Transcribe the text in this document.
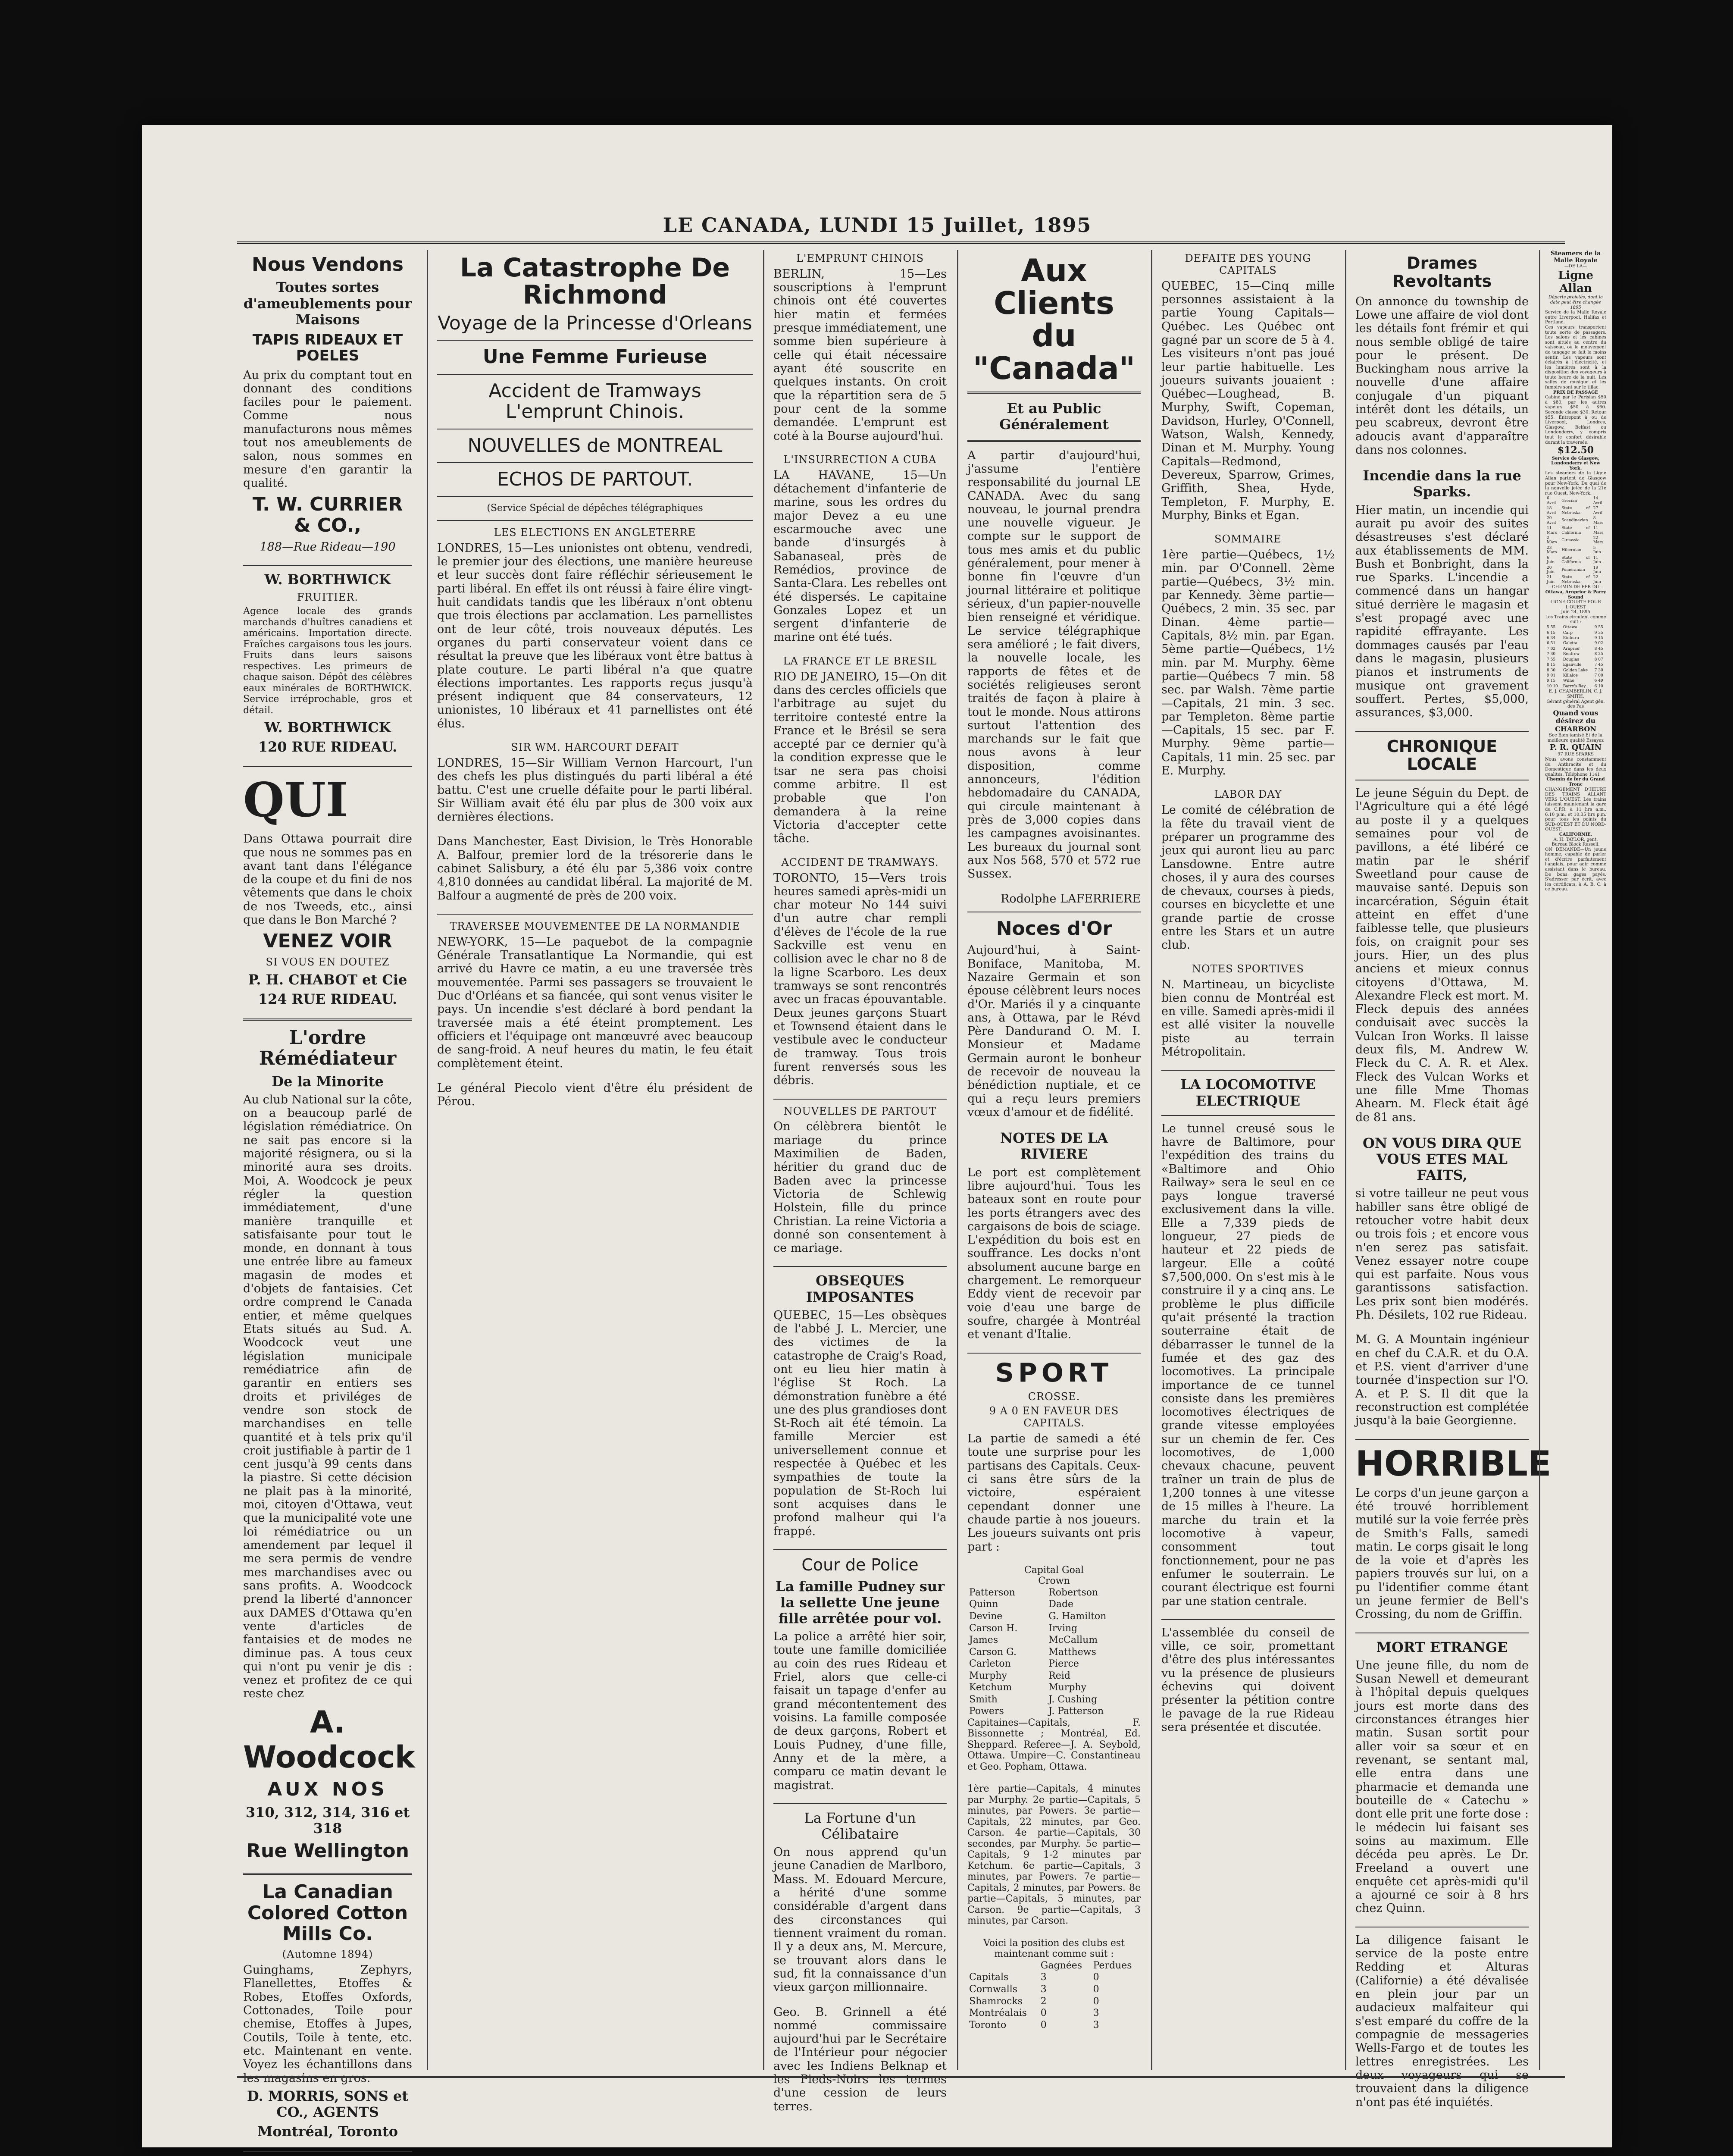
LE CANADA, LUNDI 15 Juillet, 1895
Nous Vendons
Toutes sortes d'ameublements pour Maisons
TAPIS RIDEAUX ET POELES
Au prix du comptant tout en donnant des conditions faciles pour le paiement. Comme nous manufacturons nous mêmes tout nos ameublements de salon, nous sommes en mesure d'en garantir la qualité.
T. W. CURRIER & CO.,
188—Rue Rideau—190
W. BORTHWICK
FRUITIER.
Agence locale des grands marchands d'huîtres canadiens et américains. Importation directe. Fraîches cargaisons tous les jours. Fruits dans leurs saisons respectives. Les primeurs de chaque saison. Dépôt des célèbres eaux minérales de BORTHWICK. Service irréprochable, gros et détail.
W. BORTHWICK
120 RUE RIDEAU.
QUI
Dans Ottawa pourrait dire que nous ne sommes pas en avant tant dans l'élégance de la coupe et du fini de nos vêtements que dans le choix de nos Tweeds, etc., ainsi que dans le Bon Marché ?
VENEZ VOIR
SI VOUS EN DOUTEZ
P. H. CHABOT et Cie
124 RUE RIDEAU.
L'ordre Rémédiateur
De la Minorite
Au club National sur la côte, on a beaucoup parlé de législation rémédiatrice. On ne sait pas encore si la majorité résignera, ou si la minorité aura ses droits. Moi, A. Woodcock je peux régler la question immédiatement, d'une manière tranquille et satisfaisante pour tout le monde, en donnant à tous une entrée libre au fameux magasin de modes et d'objets de fantaisies. Cet ordre comprend le Canada entier, et même quelques Etats situés au Sud. A. Woodcock veut une législation municipale remédiatrice afin de garantir en entiers ses droits et priviléges de vendre son stock de marchandises en telle quantité et à tels prix qu'il croit justifiable à partir de 1 cent jusqu'à 99 cents dans la piastre. Si cette décision ne plait pas à la minorité, moi, citoyen d'Ottawa, veut que la municipalité vote une loi rémédiatrice ou un amendement par lequel il me sera permis de vendre mes marchandises avec ou sans profits. A. Woodcock prend la liberté d'annoncer aux DAMES d'Ottawa qu'en vente d'articles de fantaisies et de modes ne diminue pas. A tous ceux qui n'ont pu venir je dis : venez et profitez de ce qui reste chez
A. Woodcock
AUX NOS
310, 312, 314, 316 et 318
Rue Wellington
La Canadian Colored Cotton Mills Co.
(Automne 1894)
Guinghams, Zephyrs, Flanellettes, Etoffes & Robes, Etoffes Oxfords, Cottonades, Toile pour chemise, Etoffes à Jupes, Coutils, Toile à tente, etc. etc. Maintenant en vente. Voyez les échantillons dans les magasins en gros.
D. MORRIS, SONS et CO., AGENTS
Montréal, Toronto
La Catastrophe De Richmond
Voyage de la Princesse d'Orleans
Une Femme Furieuse
Accident de Tramways L'emprunt Chinois.
NOUVELLES de MONTREAL
ECHOS DE PARTOUT.
(Service Spécial de dépêches télégraphiques
LES ELECTIONS EN ANGLETERRE
LONDRES, 15—Les unionistes ont obtenu, vendredi, le premier jour des élections, une manière heureuse et leur succès dont faire réfléchir sérieusement le parti libéral. En effet ils ont réussi à faire élire vingt-huit candidats tandis que les libéraux n'ont obtenu que trois élections par acclamation. Les parnellistes ont de leur côté, trois nouveaux députés. Les organes du parti conservateur voient dans ce résultat la preuve que les libéraux vont être battus à plate couture. Le parti libéral n'a que quatre élections importantes. Les rapports reçus jusqu'à présent indiquent que 84 conservateurs, 12 unionistes, 10 libéraux et 41 parnellistes ont été élus.
SIR WM. HARCOURT DEFAIT
LONDRES, 15—Sir William Vernon Harcourt, l'un des chefs les plus distingués du parti libéral a été battu. C'est une cruelle défaite pour le parti libéral. Sir William avait été élu par plus de 300 voix aux dernières élections.
Dans Manchester, East Division, le Très Honorable A. Balfour, premier lord de la trésorerie dans le cabinet Salisbury, a été élu par 5,386 voix contre 4,810 données au candidat libéral. La majorité de M. Balfour a augmenté de près de 200 voix.
TRAVERSEE MOUVEMENTEE DE LA NORMANDIE
NEW-YORK, 15—Le paquebot de la compagnie Générale Transatlantique La Normandie, qui est arrivé du Havre ce matin, a eu une traversée très mouvementée. Parmi ses passagers se trouvaient le Duc d'Orléans et sa fiancée, qui sont venus visiter le pays. Un incendie s'est déclaré à bord pendant la traversée mais a été éteint promptement. Les officiers et l'équipage ont manœuvré avec beaucoup de sang-froid. A neuf heures du matin, le feu était complètement éteint.
Le général Piecolo vient d'être élu président de Pérou.
L'EMPRUNT CHINOIS
BERLIN, 15—Les souscriptions à l'emprunt chinois ont été couvertes hier matin et fermées presque immédiatement, une somme bien supérieure à celle qui était nécessaire ayant été souscrite en quelques instants. On croit que la répartition sera de 5 pour cent de la somme demandée. L'emprunt est coté à la Bourse aujourd'hui.
L'INSURRECTION A CUBA
LA HAVANE, 15—Un détachement d'infanterie de marine, sous les ordres du major Devez a eu une escarmouche avec une bande d'insurgés à Sabanaseal, près de Remédios, province de Santa-Clara. Les rebelles ont été dispersés. Le capitaine Gonzales Lopez et un sergent d'infanterie de marine ont été tués.
LA FRANCE ET LE BRESIL
RIO DE JANEIRO, 15—On dit dans des cercles officiels que l'arbitrage au sujet du territoire contesté entre la France et le Brésil se sera accepté par ce dernier qu'à la condition expresse que le tsar ne sera pas choisi comme arbitre. Il est probable que l'on demandera à la reine Victoria d'accepter cette tâche.
ACCIDENT DE TRAMWAYS.
TORONTO, 15—Vers trois heures samedi après-midi un char moteur No 144 suivi d'un autre char rempli d'élèves de l'école de la rue Sackville est venu en collision avec le char no 8 de la ligne Scarboro. Les deux tramways se sont rencontrés avec un fracas épouvantable. Deux jeunes garçons Stuart et Townsend étaient dans le vestibule avec le conducteur de tramway. Tous trois furent renversés sous les débris.
NOUVELLES DE PARTOUT
On célèbrera bientôt le mariage du prince Maximilien de Baden, héritier du grand duc de Baden avec la princesse Victoria de Schlewig Holstein, fille du prince Christian. La reine Victoria a donné son consentement à ce mariage.
OBSEQUES IMPOSANTES
QUEBEC, 15—Les obsèques de l'abbé J. L. Mercier, une des victimes de la catastrophe de Craig's Road, ont eu lieu hier matin à l'église St Roch. La démonstration funèbre a été une des plus grandioses dont St-Roch ait été témoin. La famille Mercier est universellement connue et respectée à Québec et les sympathies de toute la population de St-Roch lui sont acquises dans le profond malheur qui l'a frappé.
Cour de Police
La famille Pudney sur la sellette Une jeune fille arrêtée pour vol.
La police a arrêté hier soir, toute une famille domiciliée au coin des rues Rideau et Friel, alors que celle-ci faisait un tapage d'enfer au grand mécontentement des voisins. La famille composée de deux garçons, Robert et Louis Pudney, d'une fille, Anny et de la mère, a comparu ce matin devant le magistrat.
La Fortune d'un Célibataire
On nous apprend qu'un jeune Canadien de Marlboro, Mass. M. Edouard Mercure, a hérité d'une somme considérable d'argent dans des circonstances qui tiennent vraiment du roman. Il y a deux ans, M. Mercure, se trouvant alors dans le sud, fit la connaissance d'un vieux garçon millionnaire.
Geo. B. Grinnell a été nommé commissaire aujourd'hui par le Secrétaire de l'Intérieur pour négocier avec les Indiens Belknap et les Pieds-Noirs les termes d'une cession de leurs terres.
Aux Clients du "Canada"
Et au Public Généralement
A partir d'aujourd'hui, j'assume l'entière responsabilité du journal LE CANADA. Avec du sang nouveau, le journal prendra une nouvelle vigueur. Je compte sur le support de tous mes amis et du public généralement, pour mener à bonne fin l'œuvre d'un journal littéraire et politique sérieux, d'un papier-nouvelle bien renseigné et véridique. Le service télégraphique sera amélioré ; le fait divers, la nouvelle locale, les rapports de fêtes et de sociétés religieuses seront traités de façon à plaire à tout le monde. Nous attirons surtout l'attention des marchands sur le fait que nous avons à leur disposition, comme annonceurs, l'édition hebdomadaire du CANADA, qui circule maintenant à près de 3,000 copies dans les campagnes avoisinantes. Les bureaux du journal sont aux Nos 568, 570 et 572 rue Sussex.
Rodolphe LAFERRIERE
Noces d'Or
Aujourd'hui, à Saint-Boniface, Manitoba, M. Nazaire Germain et son épouse célèbrent leurs noces d'Or. Mariés il y a cinquante ans, à Ottawa, par le Révd Père Dandurand O. M. I. Monsieur et Madame Germain auront le bonheur de recevoir de nouveau la bénédiction nuptiale, et ce qui a reçu leurs premiers vœux d'amour et de fidélité.
NOTES DE LA RIVIERE
Le port est complètement libre aujourd'hui. Tous les bateaux sont en route pour les ports étrangers avec des cargaisons de bois de sciage. L'expédition du bois est en souffrance. Les docks n'ont absolument aucune barge en chargement. Le remorqueur Eddy vient de recevoir par voie d'eau une barge de soufre, chargée à Montréal et venant d'Italie.
SPORT
CROSSE.
9 A 0 EN FAVEUR DES CAPITALS.
La partie de samedi a été toute une surprise pour les partisans des Capitals. Ceux-ci sans être sûrs de la victoire, espéraient cependant donner une chaude partie à nos joueurs. Les joueurs suivants ont pris part :
Capital Goal
Crown
Patterson	Robertson
Quinn	Dade
Devine	G. Hamilton
Carson H.	Irving
James	McCallum
Carson G.	Matthews
Carleton	Pierce
Murphy	Reid
Ketchum	Murphy
Smith	J. Cushing
Powers	J. Patterson
Capitaines—Capitals, F. Bissonnette ; Montréal, Ed. Sheppard. Referee—J. A. Seybold, Ottawa. Umpire—C. Constantineau et Geo. Popham, Ottawa.
1ère partie—Capitals, 4 minutes par Murphy. 2e partie—Capitals, 5 minutes, par Powers. 3e partie—Capitals, 22 minutes, par Geo. Carson. 4e partie—Capitals, 30 secondes, par Murphy. 5e partie—Capitals, 9 1-2 minutes par Ketchum. 6e partie—Capitals, 3 minutes, par Powers. 7e partie—Capitals, 2 minutes, par Powers. 8e partie—Capitals, 5 minutes, par Carson. 9e partie—Capitals, 3 minutes, par Carson.
Voici la position des clubs est maintenant comme suit :
	Gagnées	Perdues
Capitals	3	0
Cornwalls	3	0
Shamrocks	2	0
Montréalais	0	3
Toronto	0	3
DEFAITE DES YOUNG CAPITALS
QUEBEC, 15—Cinq mille personnes assistaient à la partie Young Capitals—Québec. Les Québec ont gagné par un score de 5 à 4. Les visiteurs n'ont pas joué leur partie habituelle. Les joueurs suivants jouaient : Québec—Loughead, B. Murphy, Swift, Copeman, Davidson, Hurley, O'Connell, Watson, Walsh, Kennedy, Dinan et M. Murphy. Young Capitals—Redmond, Devereux, Sparrow, Grimes, Griffith, Shea, Hyde, Templeton, F. Murphy, E. Murphy, Binks et Egan.
SOMMAIRE
1ère partie—Québecs, 1½ min. par O'Connell. 2ème partie—Québecs, 3½ min. par Kennedy. 3ème partie—Québecs, 2 min. 35 sec. par Dinan. 4ème partie—Capitals, 8½ min. par Egan. 5ème partie—Québecs, 1½ min. par M. Murphy. 6ème partie—Québecs 7 min. 58 sec. par Walsh. 7ème partie—Capitals, 21 min. 3 sec. par Templeton. 8ème partie—Capitals, 15 sec. par F. Murphy. 9ème partie—Capitals, 11 min. 25 sec. par E. Murphy.
LABOR DAY
Le comité de célébration de la fête du travail vient de préparer un programme des jeux qui auront lieu au parc Lansdowne. Entre autre choses, il y aura des courses de chevaux, courses à pieds, courses en bicyclette et une grande partie de crosse entre les Stars et un autre club.
NOTES SPORTIVES
N. Martineau, un bicycliste bien connu de Montréal est en ville. Samedi après-midi il est allé visiter la nouvelle piste au terrain Métropolitain.
LA LOCOMOTIVE ELECTRIQUE
Le tunnel creusé sous le havre de Baltimore, pour l'expédition des trains du «Baltimore and Ohio Railway» sera le seul en ce pays longue traversé exclusivement dans la ville. Elle a 7,339 pieds de longueur, 27 pieds de hauteur et 22 pieds de largeur. Elle a coûté $7,500,000. On s'est mis à le construire il y a cinq ans. Le problème le plus difficile qu'ait présenté la traction souterraine était de débarrasser le tunnel de la fumée et des gaz des locomotives. La principale importance de ce tunnel consiste dans les premières locomotives électriques de grande vitesse employées sur un chemin de fer. Ces locomotives, de 1,000 chevaux chacune, peuvent traîner un train de plus de 1,200 tonnes à une vitesse de 15 milles à l'heure. La marche du train et la locomotive à vapeur, consomment tout fonctionnement, pour ne pas enfumer le souterrain. Le courant électrique est fourni par une station centrale.
L'assemblée du conseil de ville, ce soir, promettant d'être des plus intéressantes vu la présence de plusieurs échevins qui doivent présenter la pétition contre le pavage de la rue Rideau sera présentée et discutée.
Drames Revoltants
On annonce du township de Lowe une affaire de viol dont les détails font frémir et qui nous semble obligé de taire pour le présent. De Buckingham nous arrive la nouvelle d'une affaire conjugale d'un piquant intérêt dont les détails, un peu scabreux, devront être adoucis avant d'apparaître dans nos colonnes.
Incendie dans la rue Sparks.
Hier matin, un incendie qui aurait pu avoir des suites désastreuses s'est déclaré aux établissements de MM. Bush et Bonbright, dans la rue Sparks. L'incendie a commencé dans un hangar situé derrière le magasin et s'est propagé avec une rapidité effrayante. Les dommages causés par l'eau dans le magasin, plusieurs pianos et instruments de musique ont gravement souffert. Pertes, $5,000, assurances, $3,000.
CHRONIQUE LOCALE
Le jeune Séguin du Dept. de l'Agriculture qui a été légé au poste il y a quelques semaines pour vol de pavillons, a été libéré ce matin par le shérif Sweetland pour cause de mauvaise santé. Depuis son incarcération, Séguin était atteint en effet d'une faiblesse telle, que plusieurs fois, on craignit pour ses jours. Hier, un des plus anciens et mieux connus citoyens d'Ottawa, M. Alexandre Fleck est mort. M. Fleck depuis des années conduisait avec succès la Vulcan Iron Works. Il laisse deux fils, M. Andrew W. Fleck du C. A. R. et Alex. Fleck des Vulcan Works et une fille Mme Thomas Ahearn. M. Fleck était âgé de 81 ans.
ON VOUS DIRA QUE VOUS ETES MAL FAITS,
si votre tailleur ne peut vous habiller sans être obligé de retoucher votre habit deux ou trois fois ; et encore vous n'en serez pas satisfait. Venez essayer notre coupe qui est parfaite. Nous vous garantissons satisfaction. Les prix sont bien modérés. Ph. Désilets, 102 rue Rideau.
M. G. A Mountain ingénieur en chef du C.A.R. et du O.A. et P.S. vient d'arriver d'une tournée d'inspection sur l'O. A. et P. S. Il dit que la reconstruction est complétée jusqu'à la baie Georgienne.
HORRIBLE
Le corps d'un jeune garçon a été trouvé horriblement mutilé sur la voie ferrée près de Smith's Falls, samedi matin. Le corps gisait le long de la voie et d'après les papiers trouvés sur lui, on a pu l'identifier comme étant un jeune fermier de Bell's Crossing, du nom de Griffin.
MORT ETRANGE
Une jeune fille, du nom de Susan Newell et demeurant à l'hôpital depuis quelques jours est morte dans des circonstances étranges hier matin. Susan sortit pour aller voir sa sœur et en revenant, se sentant mal, elle entra dans une pharmacie et demanda une bouteille de « Catechu » dont elle prit une forte dose : le médecin lui faisant ses soins au maximum. Elle décéda peu après. Le Dr. Freeland a ouvert une enquête cet après-midi qu'il a ajourné ce soir à 8 hrs chez Quinn.
La diligence faisant le service de la poste entre Redding et Alturas (Californie) a été dévalisée en plein jour par un audacieux malfaiteur qui s'est emparé du coffre de la compagnie de messageries Wells-Fargo et de toutes les lettres enregistrées. Les deux voyageurs qui se trouvaient dans la diligence n'ont pas été inquiétés.
Steamers de la Malle Royale
—DE LA—
Ligne Allan
Départs projetés, dont la date peut être changée 1895
Service de la Malle Royale entre Liverpool, Halifax et Portland.
Ces vapeurs transportent toute sorte de passagers. Les salons et les cabines sont situés au centre du vaisseau, où le mouvement de tangage se fait le moins sentir. Les vapeurs sont éclairés à l'électricité, et les lumières sont à la disposition des voyageurs à toute heure de la nuit. Les salles de musique et les fumoirs sont sur le tillac.
PRIX DE PASSAGE
Cabine par le Parisian $50 à $80, par les autres vapeurs $50 à $60. Seconde classe $30. Retour $55. Entrepont à ou de Liverpool, Londres, Glasgow, Belfast ou Londonderry, y compris tout le confort désirable durant la traversée.
$12.50
Service de Glasgow, Londonderry et New York.
Les steamers de la Ligne Allan partent de Glasgow pour New-York. Du quai de la nouvelle jetée de la 21e rue Ouest, New-York.
6 Avril	Grecian	14 Avril
18 Avril	State of Nebraska	27 Avril
20 Avril	Scandinavian	8 Mars
11 Mars	State of California	11 Mars
2 Mars	Circassia	22 Mars
23 Mars	Hibernian	5 Juin
6 Juin	State of California	11 Juin
20 Juin	Pomeranian	19 Juin
21 Juin	State of Nebraska	22 Juin
—CHEMIN DE FER DU—
Ottawa, Arnprior & Parry Sound
LIGNE COURTE POUR L'OUEST
Juin 24, 1895
Les Trains circulent comme suit :
5 55	Ottawa	9 55
6 15	Carp	9 35
6 34	Kinburn	9 15
6 51	Galetta	9 02
7 02	Arnprior	8 45
7 30	Renfrew	8 25
7 55	Douglas	8 07
8 15	Eganville	7 45
8 30	Golden Lake	7 30
9 01	Killaloe	7 00
9 15	Wilno	6 49
10 10	Barry's Bay	6 10
E. J. CHAMBERLIN, C. J. SMITH,
Gérant général Agent gén. des Pas
Quand vous désirez du CHARBON
Sec Bien tamisé Et de la meilleure qualité Essayez
P. R. QUAIN
97 RUE SPARKS
Nous avons constamment du Anthracite et du Domestique dans les deux qualités. Téléphone 1141
Chemin de fer du Grand Tronc
CHANGEMENT D'HEURE DES TRAINS ALLANT VERS L'OUEST. Les trains laissent maintenant la gare du C.P.R. à 11 hrs a.m., 6.10 p.m. et 10.35 hrs p.m. pour tous les points du SUD-OUEST ET DU NORD-OUEST.
CALIFORNIE.
A. H. TAYLOR, gent.
Bureau Block Russell.
ON DEMANDE—Un jeune homme, capable de parler et d'écrire parfaitement l'anglais, pour agir comme assistant dans le bureau. De bons gages payés. S'adresser par écrit, avec les certificats, à A. B. C. à ce bureau.
